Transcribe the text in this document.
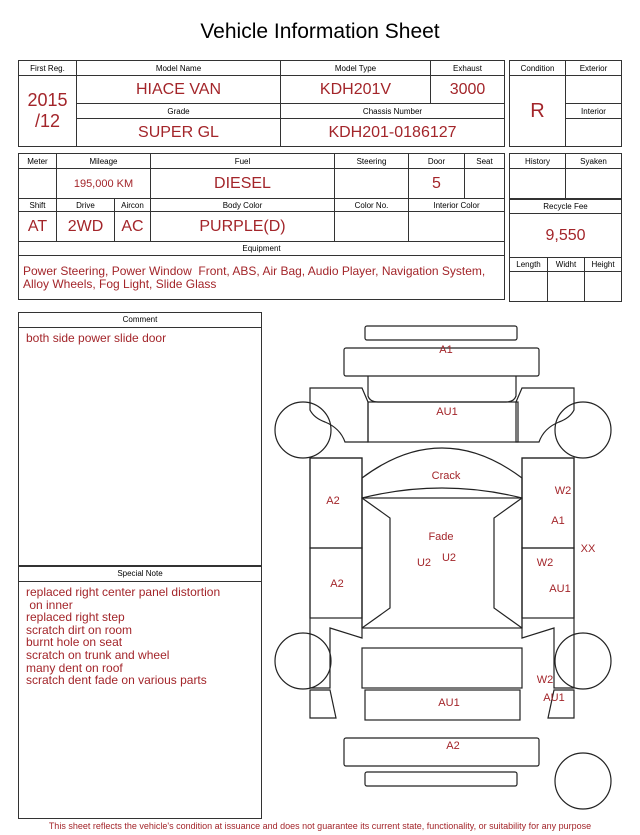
Vehicle Information Sheet
First Reg.	Model Name	Model Type	Exhaust
2015
/12	HIACE VAN	KDH201V	3000
	Grade	Chassis Number	
	SUPER GL	KDH201-0186127	
Meter	Mileage		Fuel	Steering	Door	Seat
	195,000 KM		DIESEL		5	
Shift	Drive	Aircon	Body Color	Color No.	Interior Color	
AT	2WD	AC	PURPLE(D)			
Equipment						
Power Steering, Power Window  Front, ABS, Air Bag, Audio Player, Navigation System,
Alloy Wheels, Fog Light, Slide Glass						
Condition	Exterior
R	
	Interior

History	Syaken

Recycle Fee		
9,550		
Length	Widht	Height

Comment
both side power slide door
Special Note
replaced right center panel distortion
on inner
replaced right step
scratch dirt on room
burnt hole on seat
scratch on trunk and wheel
many dent on roof
scratch dent fade on various parts
A1
AU1
Crack
A2
W2
A1
Fade
U2 U2	W2
XX
A2	AU1
W2
AU1
AU1
A2
This sheet reflects the vehicle's condition at issuance and does not guarantee its current state, functionality, or suitability for any purpose
